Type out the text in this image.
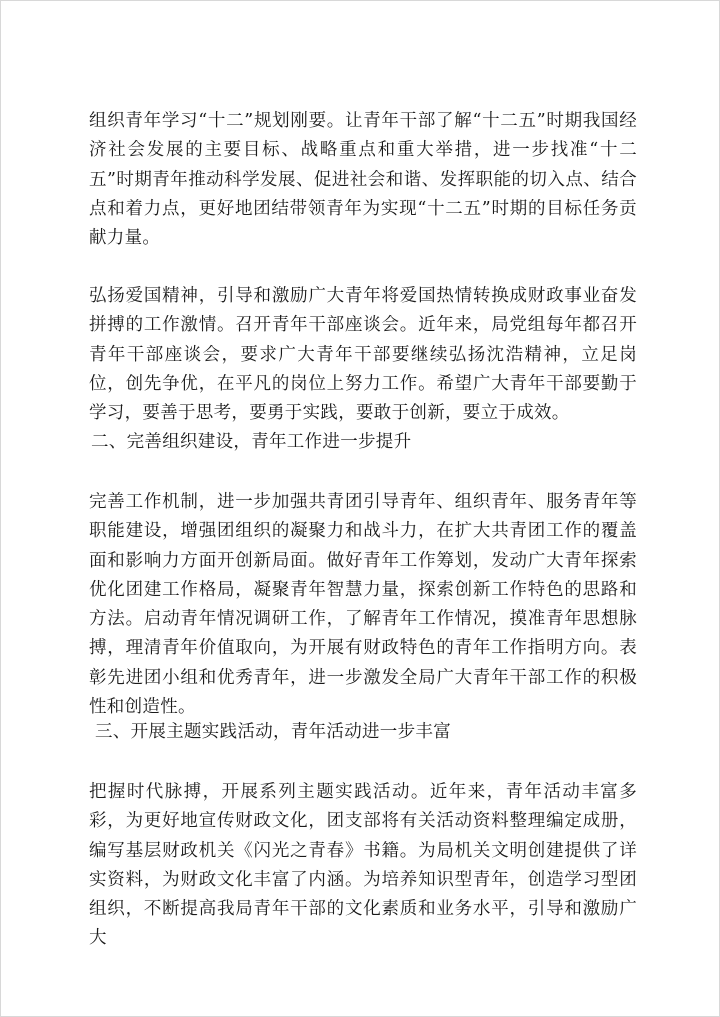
组织青年学习“十二”规划刚要。让青年干部了解“十二五”时期我国经济社会发展的主要目标、战略重点和重大举措，进一步找准“十二五”时期青年推动科学发展、促进社会和谐、发挥职能的切入点、结合点和着力点，更好地团结带领青年为实现“十二五”时期的目标任务贡献力量。

弘扬爱国精神，引导和激励广大青年将爱国热情转换成财政事业奋发拼搏的工作激情。召开青年干部座谈会。近年来，局党组每年都召开青年干部座谈会，要求广大青年干部要继续弘扬沈浩精神，立足岗位，创先争优，在平凡的岗位上努力工作。希望广大青年干部要勤于学习，要善于思考，要勇于实践，要敢于创新，要立于成效。

二、完善组织建设，青年工作进一步提升

完善工作机制，进一步加强共青团引导青年、组织青年、服务青年等职能建设，增强团组织的凝聚力和战斗力，在扩大共青团工作的覆盖面和影响力方面开创新局面。做好青年工作筹划，发动广大青年探索优化团建工作格局，凝聚青年智慧力量，探索创新工作特色的思路和方法。启动青年情况调研工作，了解青年工作情况，摸准青年思想脉搏，理清青年价值取向，为开展有财政特色的青年工作指明方向。表彰先进团小组和优秀青年，进一步激发全局广大青年干部工作的积极性和创造性。

三、开展主题实践活动，青年活动进一步丰富

把握时代脉搏，开展系列主题实践活动。近年来，青年活动丰富多彩，为更好地宣传财政文化，团支部将有关活动资料整理编定成册，编写基层财政机关《闪光之青春》书籍。为局机关文明创建提供了详实资料，为财政文化丰富了内涵。为培养知识型青年，创造学习型团组织，不断提高我局青年干部的文化素质和业务水平，引导和激励广大
